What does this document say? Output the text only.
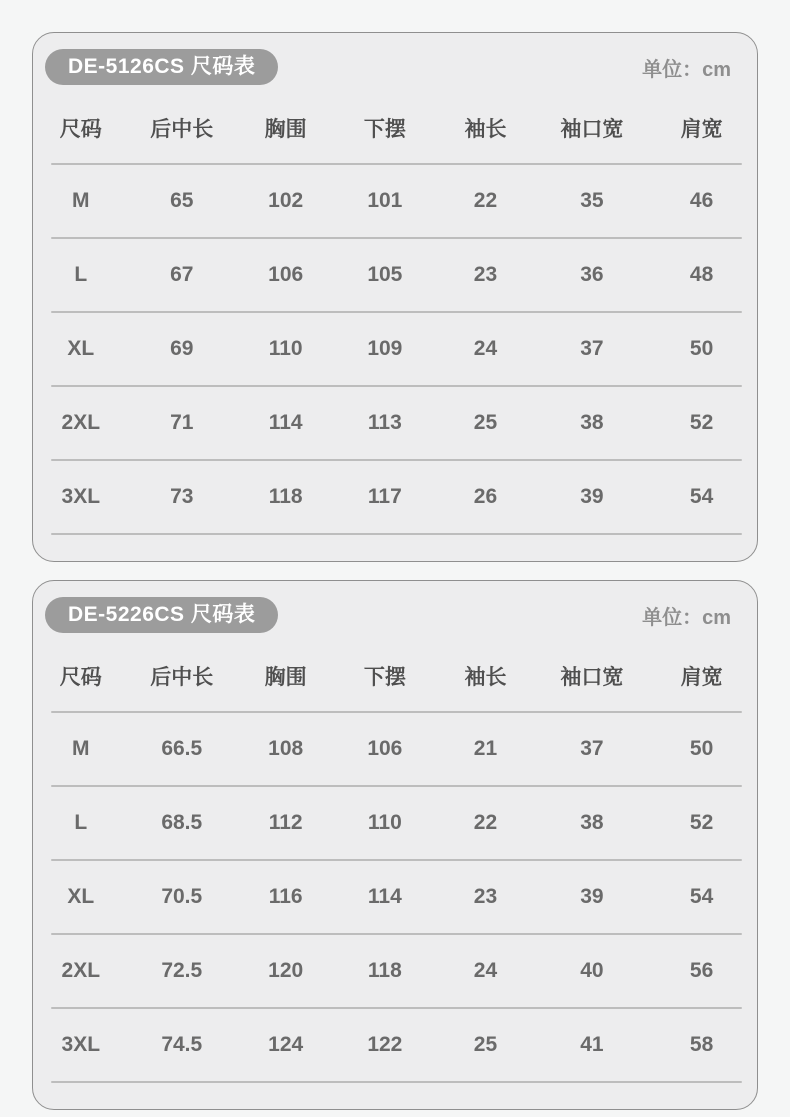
DE-5126CS 尺码表	单位：cm
尺码	后中长	胸围	下摆	袖长	袖口宽	肩宽
M	65	102	101	22	35	46
L	67	106	105	23	36	48
XL	69	110	109	24	37	50
2XL	71	114	113	25	38	52
3XL	73	118	117	26	39	54
DE-5226CS 尺码表	单位：cm
尺码	后中长	胸围	下摆	袖长	袖口宽	肩宽
M	66.5	108	106	21	37	50
L	68.5	112	110	22	38	52
XL	70.5	116	114	23	39	54
2XL	72.5	120	118	24	40	56
3XL	74.5	124	122	25	41	58
